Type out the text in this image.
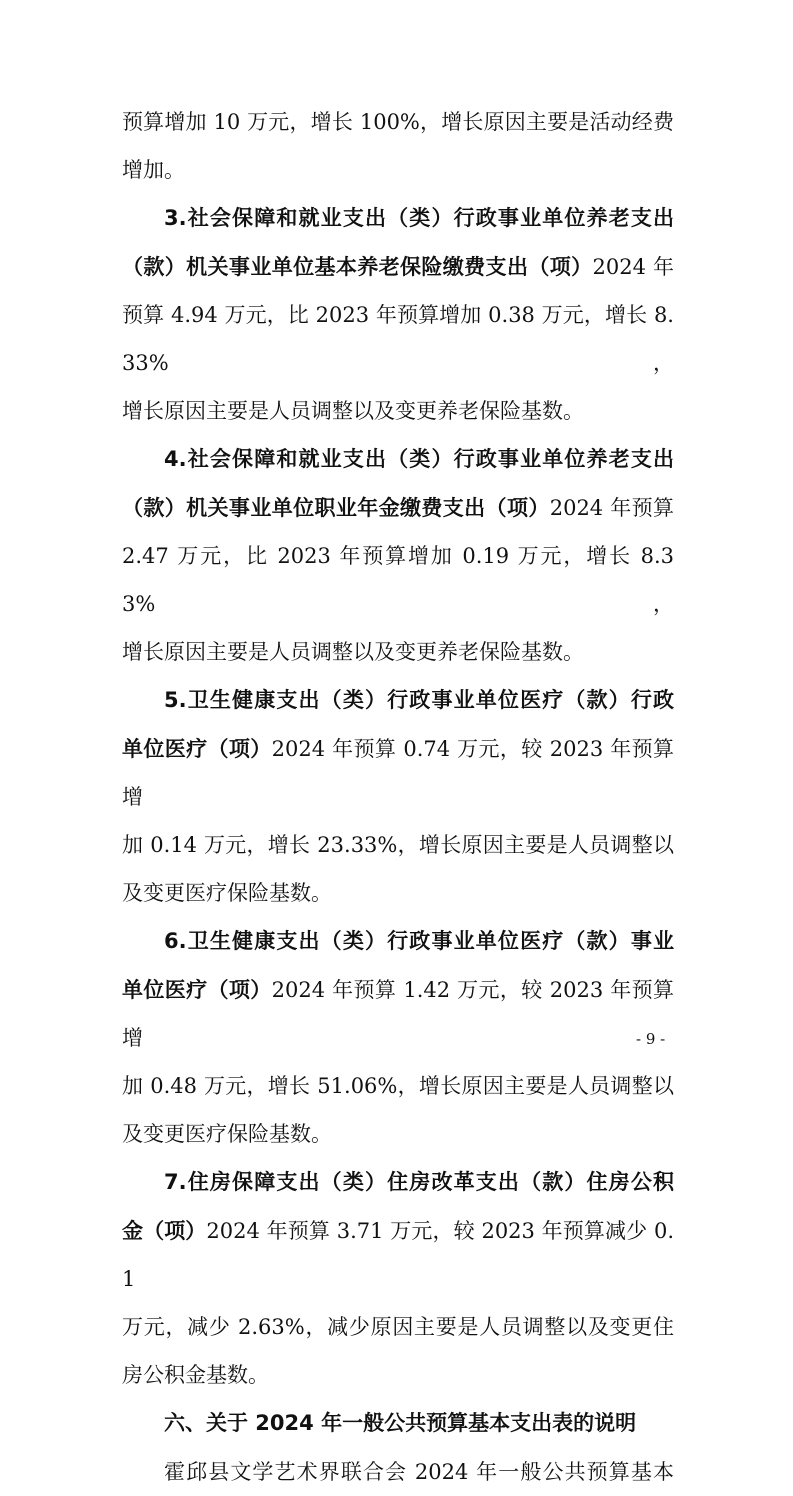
预算增加 10 万元，增长 100%，增长原因主要是活动经费
增加。

3.社会保障和就业支出（类）行政事业单位养老支出
（款）机关事业单位基本养老保险缴费支出（项）2024 年
预算 4.94 万元，比 2023 年预算增加 0.38 万元，增长 8.33%，
增长原因主要是人员调整以及变更养老保险基数。

4.社会保障和就业支出（类）行政事业单位养老支出
（款）机关事业单位职业年金缴费支出（项）2024 年预算
2.47 万元，比 2023 年预算增加 0.19 万元，增长 8.33%，
增长原因主要是人员调整以及变更养老保险基数。

5.卫生健康支出（类）行政事业单位医疗（款）行政
单位医疗（项）2024 年预算 0.74 万元，较 2023 年预算增
加 0.14 万元，增长 23.33%，增长原因主要是人员调整以
及变更医疗保险基数。

6.卫生健康支出（类）行政事业单位医疗（款）事业
单位医疗（项）2024 年预算 1.42 万元，较 2023 年预算增
加 0.48 万元，增长 51.06%，增长原因主要是人员调整以
及变更医疗保险基数。

7.住房保障支出（类）住房改革支出（款）住房公积
金（项）2024 年预算 3.71 万元，较 2023 年预算减少 0.1
万元，减少 2.63%，减少原因主要是人员调整以及变更住
房公积金基数。

六、关于 2024 年一般公共预算基本支出表的说明

霍邱县文学艺术界联合会 2024 年一般公共预算基本

- 9 -
